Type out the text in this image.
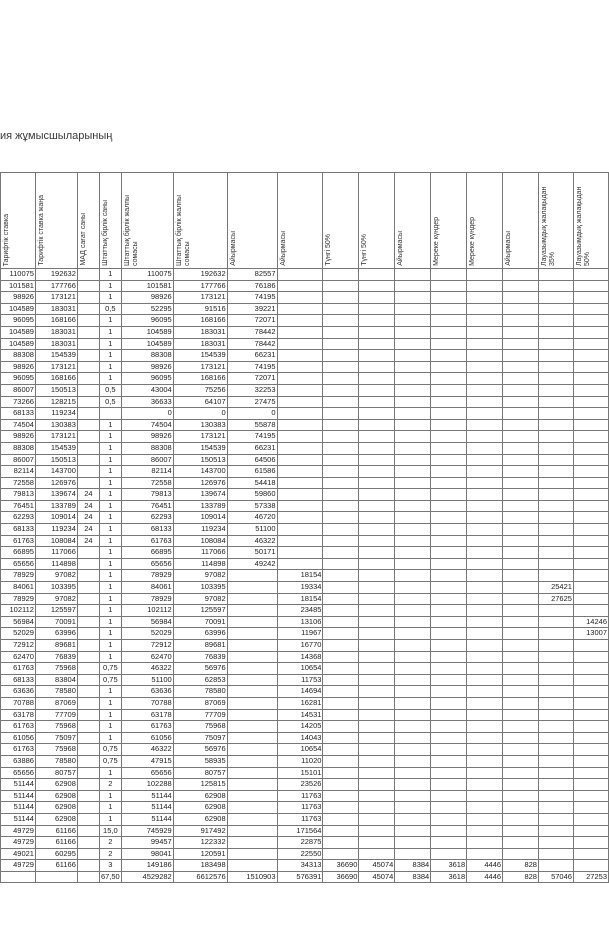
ия жұмысшыларының
Тарифтік ставка	Тарифтік ставка жаңа	МАД сағат саны	Штаттық бірлік саны	Штаттық бірлік жалпы сомасы	Штаттық бірлік жалпы сомасы	Айырмасы	Айырмасы	Түнгі 50%	Түнгі 50%	Айырмасы	Мереке күндер	Мереке күндер	Айырмасы	Лауазымдық жалақыдан 35%	Лауазымдық жалақыдан 50%

110075	192632		1	110075	192632	82557									
101581	177766		1	101581	177766	76186									
98926	173121		1	98926	173121	74195									
104589	183031		0,5	52295	91516	39221									
96095	168166		1	96095	168166	72071									
104589	183031		1	104589	183031	78442									
104589	183031		1	104589	183031	78442									
88308	154539		1	88308	154539	66231									
98926	173121		1	98926	173121	74195									
96095	168166		1	96095	168166	72071									
86007	150513		0,5	43004	75256	32253									
73266	128215		0,5	36633	64107	27475									
68133	119234			0	0	0									
74504	130383		1	74504	130383	55878									
98926	173121		1	98926	173121	74195									
88308	154539		1	88308	154539	66231									
86007	150513		1	86007	150513	64506									
82114	143700		1	82114	143700	61586									
72558	126976		1	72558	126976	54418									
79813	139674	24	1	79813	139674	59860									
76451	133789	24	1	76451	133789	57338									
62293	109014	24	1	62293	109014	46720									
68133	119234	24	1	68133	119234	51100									
61763	108084	24	1	61763	108084	46322									
66895	117066		1	66895	117066	50171									
65656	114898		1	65656	114898	49242									
78929	97082		1	78929	97082		18154								
84061	103395		1	84061	103395		19334							25421	
78929	97082		1	78929	97082		18154							27625	
102112	125597		1	102112	125597		23485								
56984	70091		1	56984	70091		13106								14246
52029	63996		1	52029	63996		11967								13007
72912	89681		1	72912	89681		16770								
62470	76839		1	62470	76839		14368								
61763	75968		0,75	46322	56976		10654								
68133	83804		0,75	51100	62853		11753								
63636	78580		1	63636	78580		14694								
70788	87069		1	70788	87069		16281								
63178	77709		1	63178	77709		14531								
61763	75968		1	61763	75968		14205								
61056	75097		1	61056	75097		14043								
61763	75968		0,75	46322	56976		10654								
63886	78580		0,75	47915	58935		11020								
65656	80757		1	65656	80757		15101								
51144	62908		2	102288	125815		23526								
51144	62908		1	51144	62908		11763								
51144	62908		1	51144	62908		11763								
51144	62908		1	51144	62908		11763								
49729	61166		15,0	745929	917492		171564								
49729	61166		2	99457	122332		22875								
49021	60295		2	98041	120591		22550								
49729	61166		3	149186	183498		34313	36690	45074	8384	3618	4446	828		
			67,50	4529282	6612576	1510903	576391	36690	45074	8384	3618	4446	828	57046	27253
